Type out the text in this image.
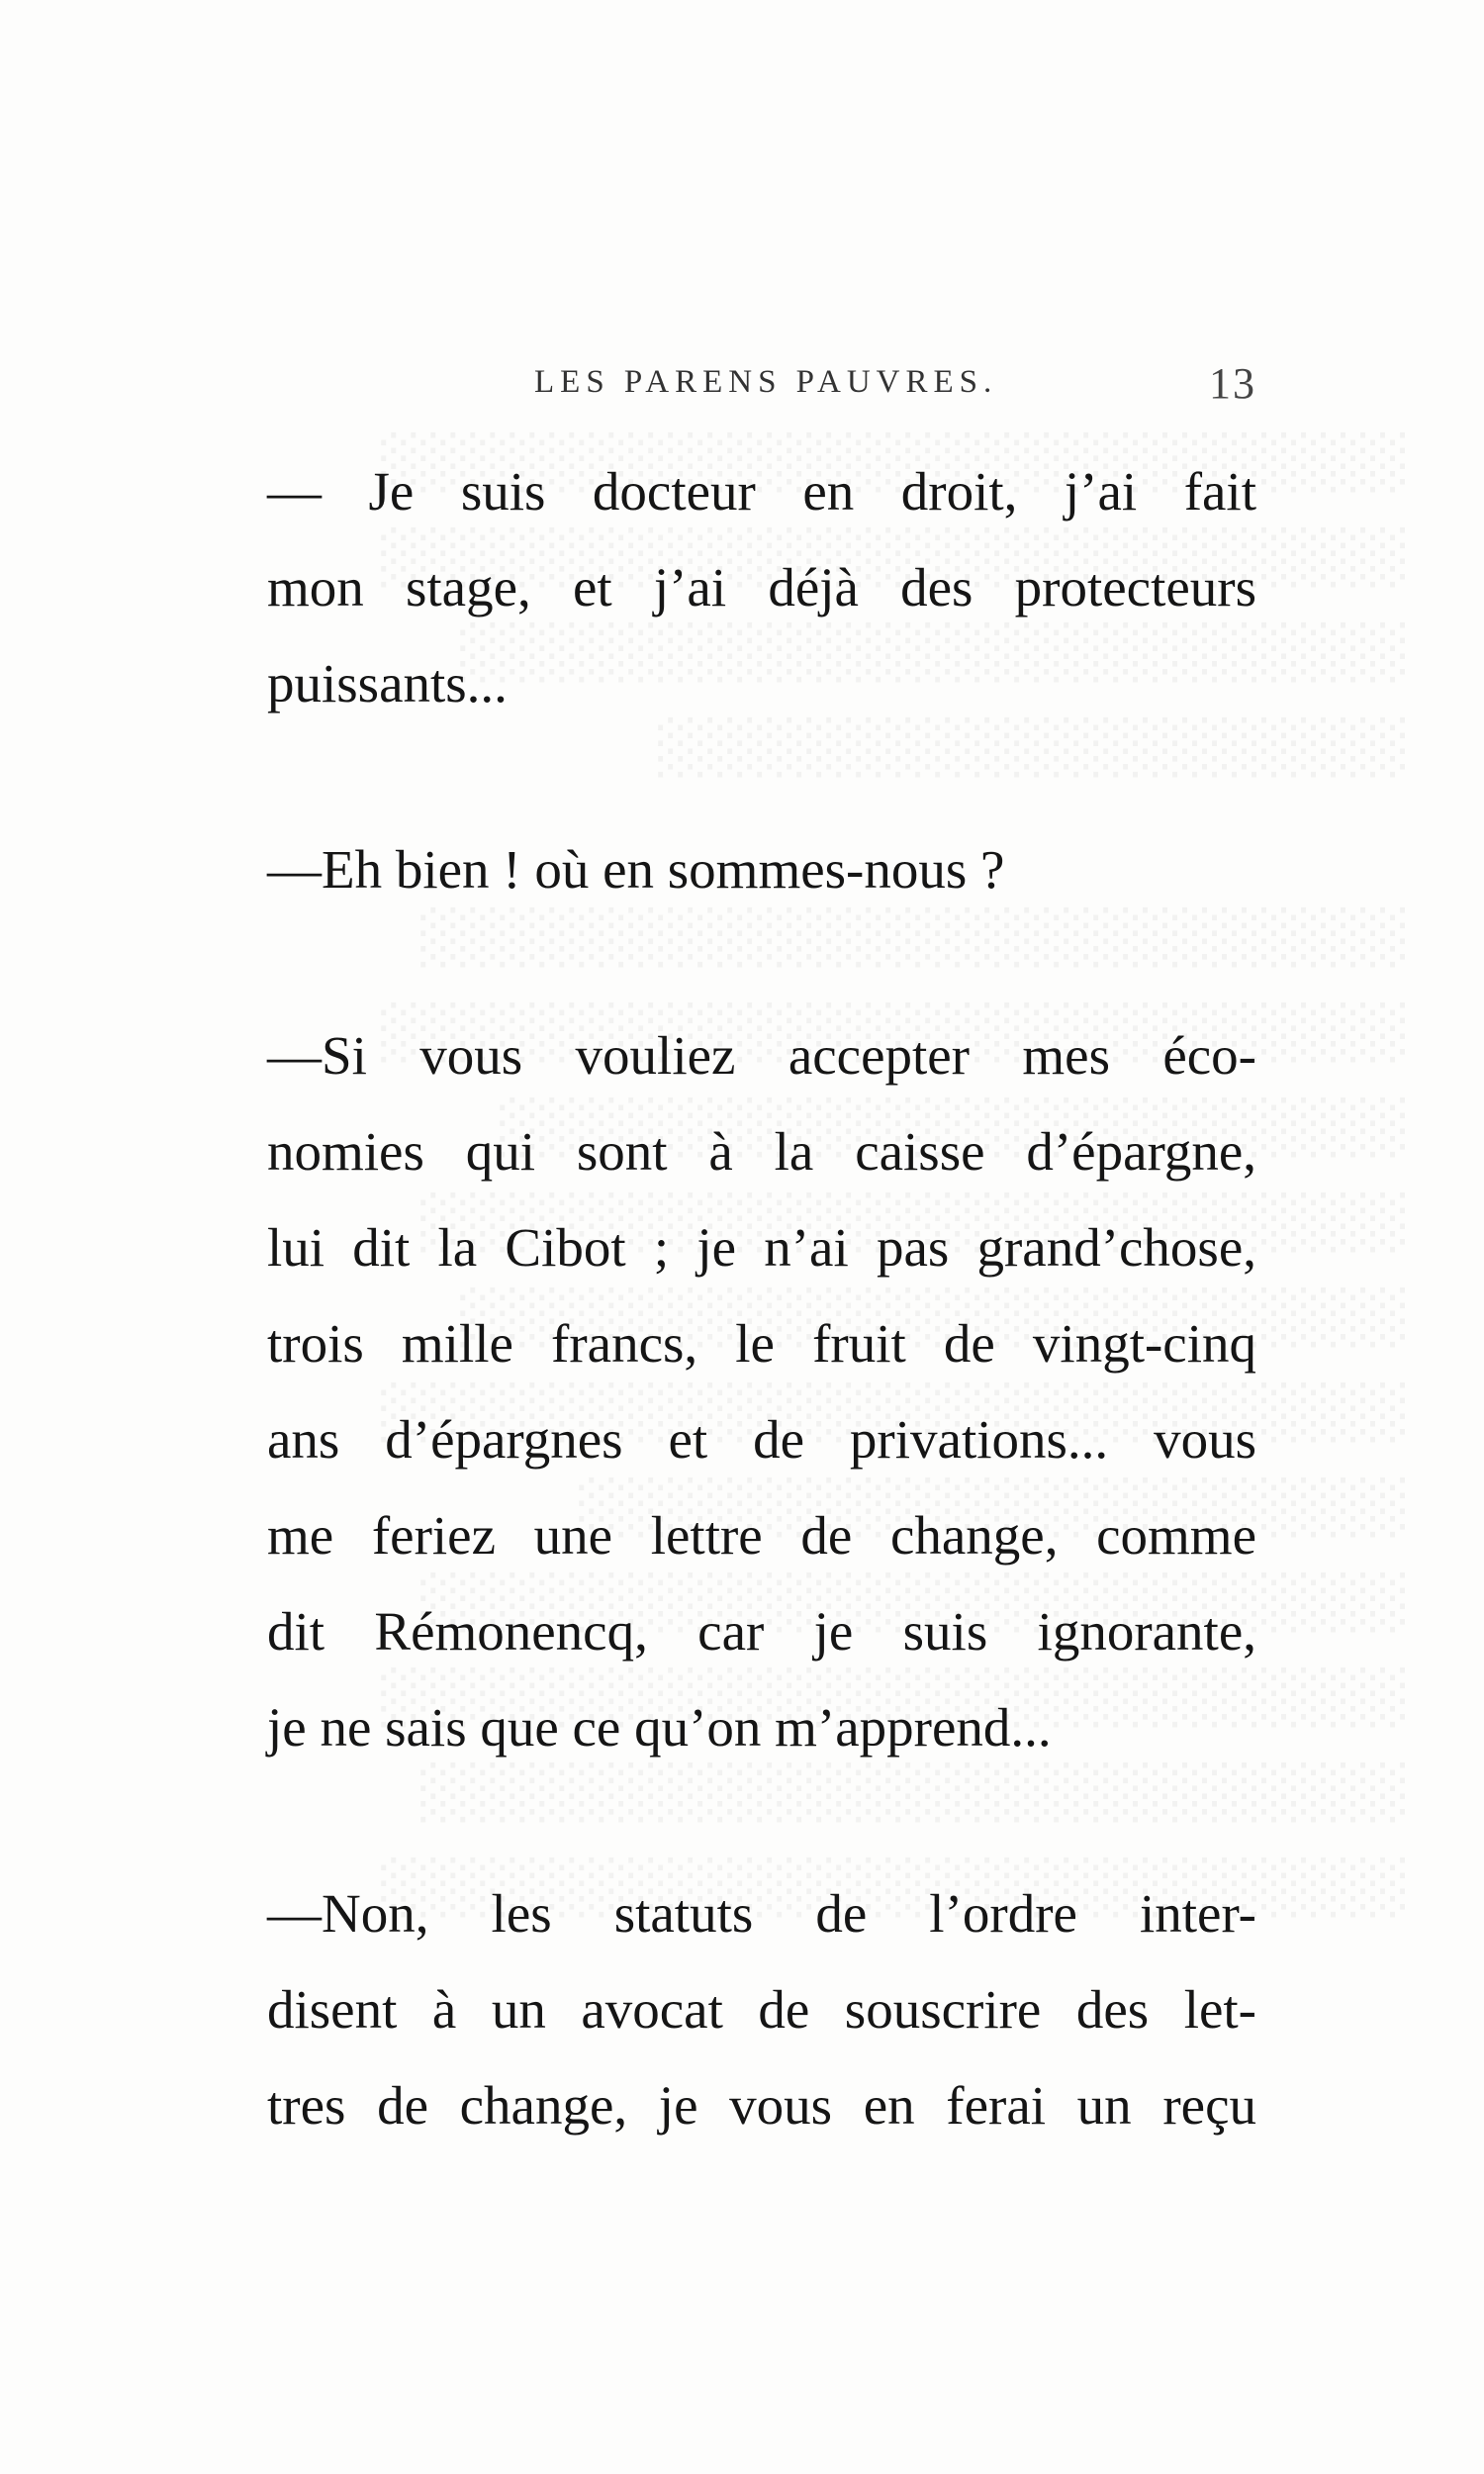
LES PARENS PAUVRES.	13
— Je suis docteur en droit, j’ai fait
mon stage, et j’ai déjà des protecteurs
puissants...
—Eh bien ! où en sommes-nous ?
—Si vous vouliez accepter mes éco-
nomies qui sont à la caisse d’épargne,
lui dit la Cibot ; je n’ai pas grand’chose,
trois mille francs, le fruit de vingt-cinq
ans d’épargnes et de privations... vous
me feriez une lettre de change, comme
dit Rémonencq, car je suis ignorante,
je ne sais que ce qu’on m’apprend...
—Non, les statuts de l’ordre inter-
disent à un avocat de souscrire des let-
tres de change, je vous en ferai un reçu
